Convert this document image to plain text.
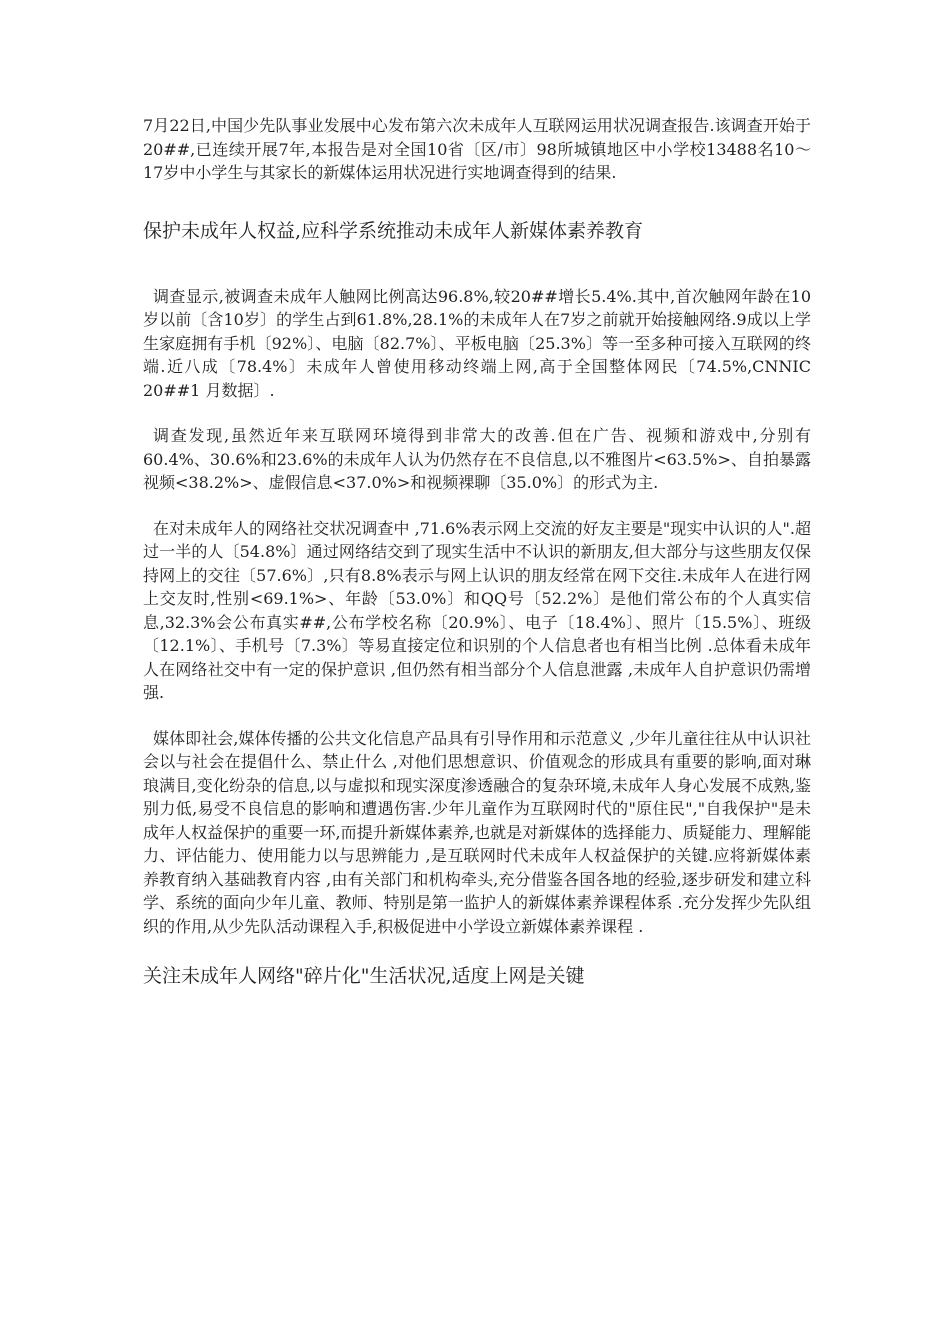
7月22日,中国少先队事业发展中心发布第六次未成年人互联网运用状况调查报告.该调查开始于20##,已连续开展7年,本报告是对全国10省〔区/市〕98所城镇地区中小学校13488名10〜17岁中小学生与其家长的新媒体运用状况进行实地调查得到的结果.

保护未成年人权益,应科学系统推动未成年人新媒体素养教育

调查显示,被调查未成年人触网比例高达96.8%,较20##增长5.4%.其中,首次触网年龄在10岁以前〔含10岁〕的学生占到61.8%,28.1%的未成年人在7岁之前就开始接触网络.9成以上学生家庭拥有手机〔92%〕、电脑〔82.7%〕、平板电脑〔25.3%〕等一至多种可接入互联网的终端.近八成〔78.4%〕未成年人曾使用移动终端上网,高于全国整体网民〔74.5%,CNNIC 20##1 月数据〕.

调查发现,虽然近年来互联网环境得到非常大的改善.但在广告、视频和游戏中,分别有60.4%、30.6%和23.6%的未成年人认为仍然存在不良信息,以不雅图片<63.5%>、自拍暴露视频<38.2%>、虚假信息<37.0%>和视频裸聊〔35.0%〕的形式为主.

在对未成年人的网络社交状况调查中 ,71.6%表示网上交流的好友主要是"现实中认识的人".超过一半的人〔54.8%〕通过网络结交到了现实生活中不认识的新朋友,但大部分与这些朋友仅保持网上的交往〔57.6%〕,只有8.8%表示与网上认识的朋友经常在网下交往.未成年人在进行网上交友时,性别<69.1%>、年龄〔53.0%〕和QQ号〔52.2%〕是他们常公布的个人真实信息,32.3%会公布真实##,公布学校名称〔20.9%〕、电子〔18.4%〕、照片〔15.5%〕、班级〔12.1%〕、手机号〔7.3%〕等易直接定位和识别的个人信息者也有相当比例 .总体看未成年人在网络社交中有一定的保护意识 ,但仍然有相当部分个人信息泄露 ,未成年人自护意识仍需增强.

媒体即社会,媒体传播的公共文化信息产品具有引导作用和示范意义 ,少年儿童往往从中认识社会以与社会在提倡什么、禁止什么 ,对他们思想意识、价值观念的形成具有重要的影响,面对琳琅满目,变化纷杂的信息,以与虚拟和现实深度渗透融合的复杂环境,未成年人身心发展不成熟,鉴别力低,易受不良信息的影响和遭遇伤害.少年儿童作为互联网时代的"原住民","自我保护"是未成年人权益保护的重要一环,而提升新媒体素养,也就是对新媒体的选择能力、质疑能力、理解能力、评估能力、使用能力以与思辨能力 ,是互联网时代未成年人权益保护的关键.应将新媒体素养教育纳入基础教育内容 ,由有关部门和机构牵头,充分借鉴各国各地的经验,逐步研发和建立科学、系统的面向少年儿童、教师、特别是第一监护人的新媒体素养课程体系 .充分发挥少先队组织的作用,从少先队活动课程入手,积极促进中小学设立新媒体素养课程 .

关注未成年人网络"碎片化"生活状况,适度上网是关键
